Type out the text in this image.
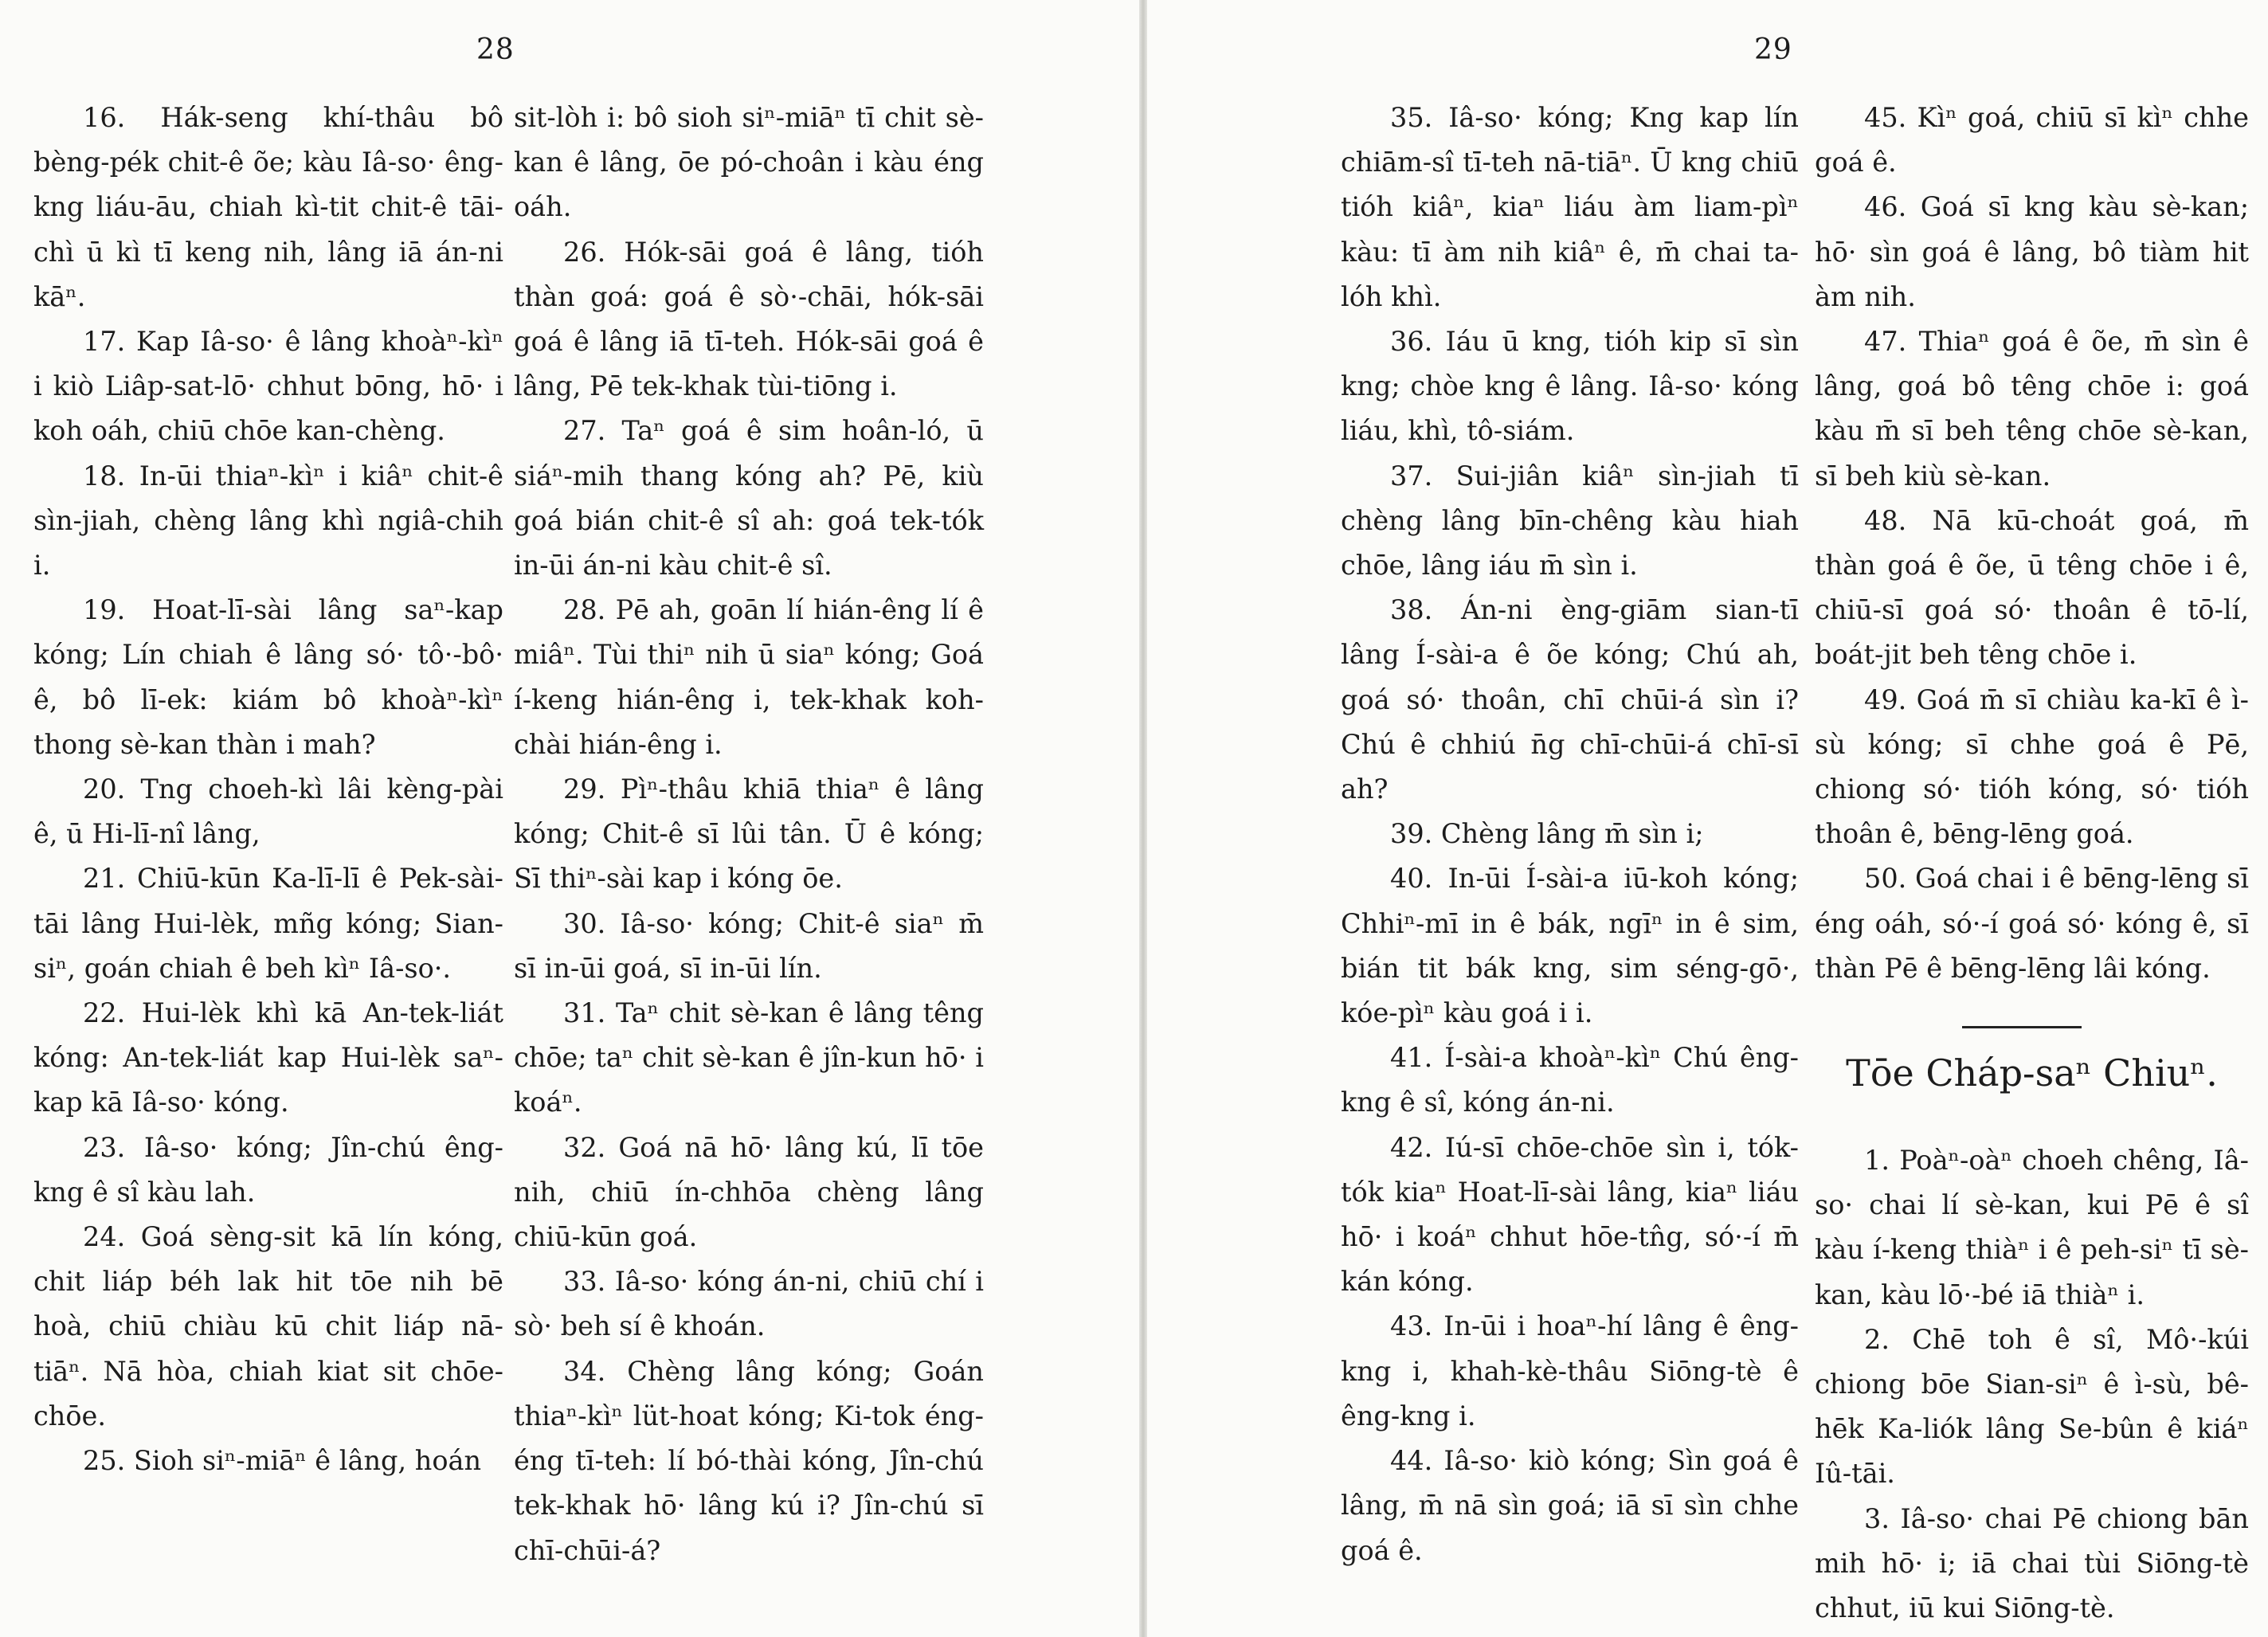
28

16. Hák-seng khí-thâu bô bèng-pék chit-ê õe; kàu Iâ-so· êng-kng liáu-āu, chiah kì-tit chit-ê tāi-chì ū kì tī keng nih, lâng iā án-ni kāⁿ.

17. Kap Iâ-so· ê lâng khoàⁿ-kìⁿ i kiò Liâp-sat-lō· chhut bōng, hō· i koh oáh, chiū chōe kan-chèng.

18. In-ūi thiaⁿ-kìⁿ i kiâⁿ chit-ê sìn-jiah, chèng lâng khì ngiâ-chih i.

19. Hoat-lī-sài lâng saⁿ-kap kóng; Lín chiah ê lâng só· tô·-bô· ê, bô lī-ek: kiám bô khoàⁿ-kìⁿ thong sè-kan thàn i mah?

20. Tng choeh-kì lâi kèng-pài ê, ū Hi-lī-nî lâng,

21. Chiū-kūn Ka-lī-lī ê Pek-sài-tāi lâng Hui-lèk, mñg kóng; Sian-siⁿ, goán chiah ê beh kìⁿ Iâ-so·.

22. Hui-lèk khì kā An-tek-liát kóng: An-tek-liát kap Hui-lèk saⁿ-kap kā Iâ-so· kóng.

23. Iâ-so· kóng; Jîn-chú êng-kng ê sî kàu lah.

24. Goá sèng-sit kā lín kóng, chit liáp béh lak hit tōe nih bē hoà, chiū chiàu kū chit liáp nā-tiāⁿ. Nā hòa, chiah kiat sit chōe-chōe.

25. Sioh siⁿ-miāⁿ ê lâng, hoán

sit-lòh i: bô sioh siⁿ-miāⁿ tī chit sè-kan ê lâng, ōe pó-choân i kàu éng oáh.

26. Hók-sāi goá ê lâng, tióh thàn goá: goá ê sò·-chāi, hók-sāi goá ê lâng iā tī-teh. Hók-sāi goá ê lâng, Pē tek-khak tùi-tiōng i.

27. Taⁿ goá ê sim hoân-ló, ū siáⁿ-mih thang kóng ah? Pē, kiù goá bián chit-ê sî ah: goá tek-tók in-ūi án-ni kàu chit-ê sî.

28. Pē ah, goān lí hián-êng lí ê miâⁿ. Tùi thiⁿ nih ū siaⁿ kóng; Goá í-keng hián-êng i, tek-khak koh-chài hián-êng i.

29. Pìⁿ-thâu khiā thiaⁿ ê lâng kóng; Chit-ê sī lûi tân. Ū ê kóng; Sī thiⁿ-sài kap i kóng ōe.

30. Iâ-so· kóng; Chit-ê siaⁿ m̄ sī in-ūi goá, sī in-ūi lín.

31. Taⁿ chit sè-kan ê lâng têng chōe; taⁿ chit sè-kan ê jîn-kun hō· i koáⁿ.

32. Goá nā hō· lâng kú, lī tōe nih, chiū ín-chhōa chèng lâng chiū-kūn goá.

33. Iâ-so· kóng án-ni, chiū chí i sò· beh sí ê khoán.

34. Chèng lâng kóng; Goán thiaⁿ-kìⁿ lüt-hoat kóng; Ki-tok éng-éng tī-teh: lí bó-thài kóng, Jîn-chú tek-khak hō· lâng kú i? Jîn-chú sī chī-chūi-á?

29

35. Iâ-so· kóng; Kng kap lín chiām-sî tī-teh nā-tiāⁿ. Ū kng chiū tióh kiâⁿ, kiaⁿ liáu àm liam-pìⁿ kàu: tī àm nih kiâⁿ ê, m̄ chai ta-lóh khì.

36. Iáu ū kng, tióh kip sī sìn kng; chòe kng ê lâng. Iâ-so· kóng liáu, khì, tô-siám.

37. Sui-jiân kiâⁿ sìn-jiah tī chèng lâng bīn-chêng kàu hiah chōe, lâng iáu m̄ sìn i.

38. Án-ni èng-giām sian-tī lâng Í-sài-a ê õe kóng; Chú ah, goá só· thoân, chī chūi-á sìn i? Chú ê chhiú n̄g chī-chūi-á chī-sī ah?

39. Chèng lâng m̄ sìn i;

40. In-ūi Í-sài-a iū-koh kóng; Chhiⁿ-mī in ê bák, ngīⁿ in ê sim, bián tit bák kng, sim séng-gō·, kóe-pìⁿ kàu goá i i.

41. Í-sài-a khoàⁿ-kìⁿ Chú êng-kng ê sî, kóng án-ni.

42. Iú-sī chōe-chōe sìn i, tók-tók kiaⁿ Hoat-lī-sài lâng, kiaⁿ liáu hō· i koáⁿ chhut hōe-tn̂g, só·-í m̄ kán kóng.

43. In-ūi i hoaⁿ-hí lâng ê êng-kng i, khah-kè-thâu Siōng-tè ê êng-kng i.

44. Iâ-so· kiò kóng; Sìn goá ê lâng, m̄ nā sìn goá; iā sī sìn chhe goá ê.

45. Kìⁿ goá, chiū sī kìⁿ chhe goá ê.

46. Goá sī kng kàu sè-kan; hō· sìn goá ê lâng, bô tiàm hit àm nih.

47. Thiaⁿ goá ê õe, m̄ sìn ê lâng, goá bô têng chōe i: goá kàu m̄ sī beh têng chōe sè-kan, sī beh kiù sè-kan.

48. Nā kū-choát goá, m̄ thàn goá ê õe, ū têng chōe i ê, chiū-sī goá só· thoân ê tō-lí, boát-jit beh têng chōe i.

49. Goá m̄ sī chiàu ka-kī ê ì-sù kóng; sī chhe goá ê Pē, chiong só· tióh kóng, só· tióh thoân ê, bēng-lēng goá.

50. Goá chai i ê bēng-lēng sī éng oáh, só·-í goá só· kóng ê, sī thàn Pē ê bēng-lēng lâi kóng.

Tōe Cháp-saⁿ Chiuⁿ.

1. Poàⁿ-oàⁿ choeh chêng, Iâ-so· chai lí sè-kan, kui Pē ê sî kàu í-keng thiàⁿ i ê peh-siⁿ tī sè-kan, kàu lō·-bé iā thiàⁿ i.

2. Chē toh ê sî, Mô·-kúi chiong bōe Sian-siⁿ ê ì-sù, bê-hēk Ka-liók lâng Se-bûn ê kiáⁿ Iû-tāi.

3. Iâ-so· chai Pē chiong bān mih hō· i; iā chai tùi Siōng-tè chhut, iū kui Siōng-tè.
